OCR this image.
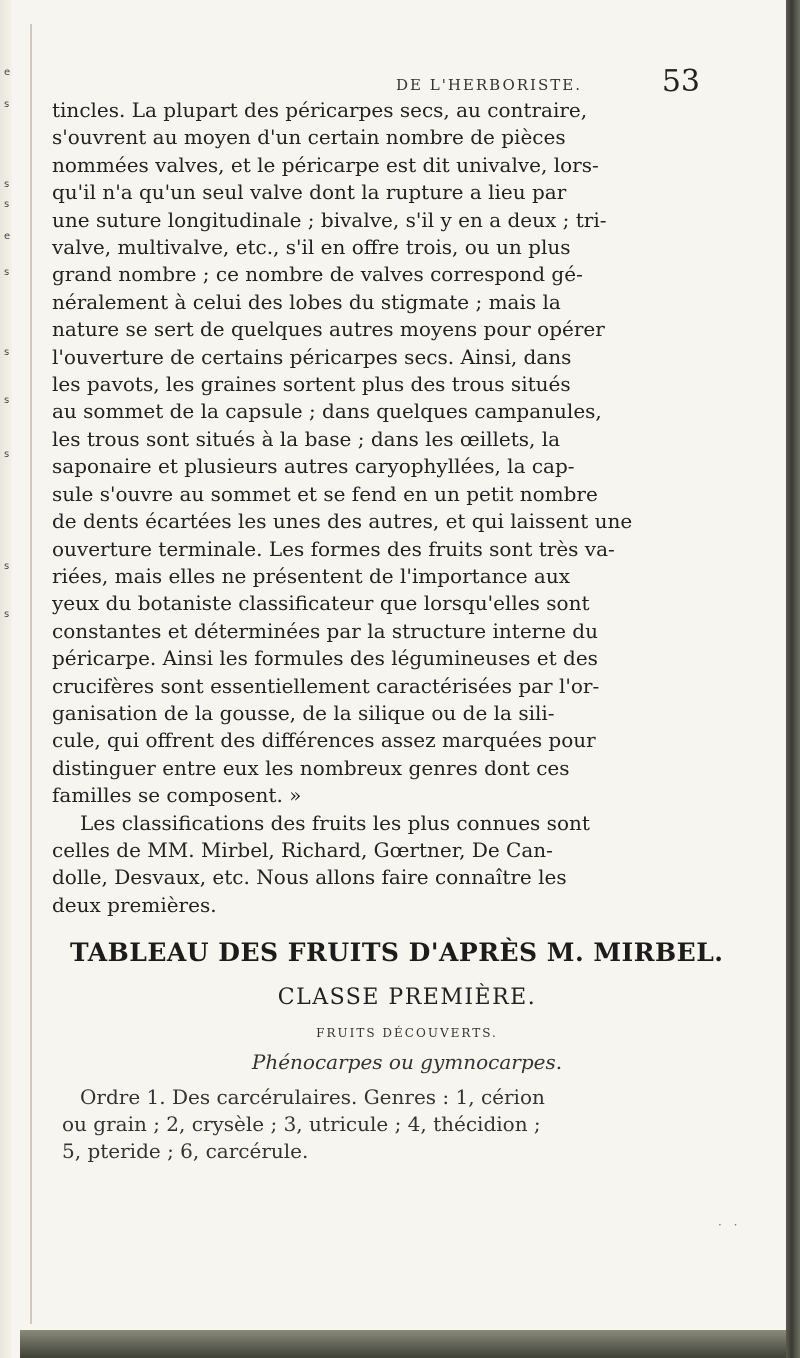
e
s
s
s
e
s
s
s
s
s
s
DE L'HERBORISTE.	53
tincles. La plupart des péricarpes secs, au contraire,
s'ouvrent au moyen d'un certain nombre de pièces
nommées valves, et le péricarpe est dit univalve, lors-
qu'il n'a qu'un seul valve dont la rupture a lieu par
une suture longitudinale ; bivalve, s'il y en a deux ; tri-
valve, multivalve, etc., s'il en offre trois, ou un plus
grand nombre ; ce nombre de valves correspond gé-
néralement à celui des lobes du stigmate ; mais la
nature se sert de quelques autres moyens pour opérer
l'ouverture de certains péricarpes secs. Ainsi, dans
les pavots, les graines sortent plus des trous situés
au sommet de la capsule ; dans quelques campanules,
les trous sont situés à la base ; dans les œillets, la
saponaire et plusieurs autres caryophyllées, la cap-
sule s'ouvre au sommet et se fend en un petit nombre
de dents écartées les unes des autres, et qui laissent une
ouverture terminale. Les formes des fruits sont très va-
riées, mais elles ne présentent de l'importance aux
yeux du botaniste classificateur que lorsqu'elles sont
constantes et déterminées par la structure interne du
péricarpe. Ainsi les formules des légumineuses et des
crucifères sont essentiellement caractérisées par l'or-
ganisation de la gousse, de la silique ou de la sili-
cule, qui offrent des différences assez marquées pour
distinguer entre eux les nombreux genres dont ces
familles se composent. »
Les classifications des fruits les plus connues sont
celles de MM. Mirbel, Richard, Gœrtner, De Can-
dolle, Desvaux, etc. Nous allons faire connaître les
deux premières.
TABLEAU DES FRUITS D'APRÈS M. MIRBEL.
CLASSE PREMIÈRE.
FRUITS DÉCOUVERTS.
Phénocarpes ou gymnocarpes.
Ordre 1. Des carcérulaires. Genres : 1, cérion
ou grain ; 2, crysèle ; 3, utricule ; 4, thécidion ;
5, pteride ; 6, carcérule.
· ·
